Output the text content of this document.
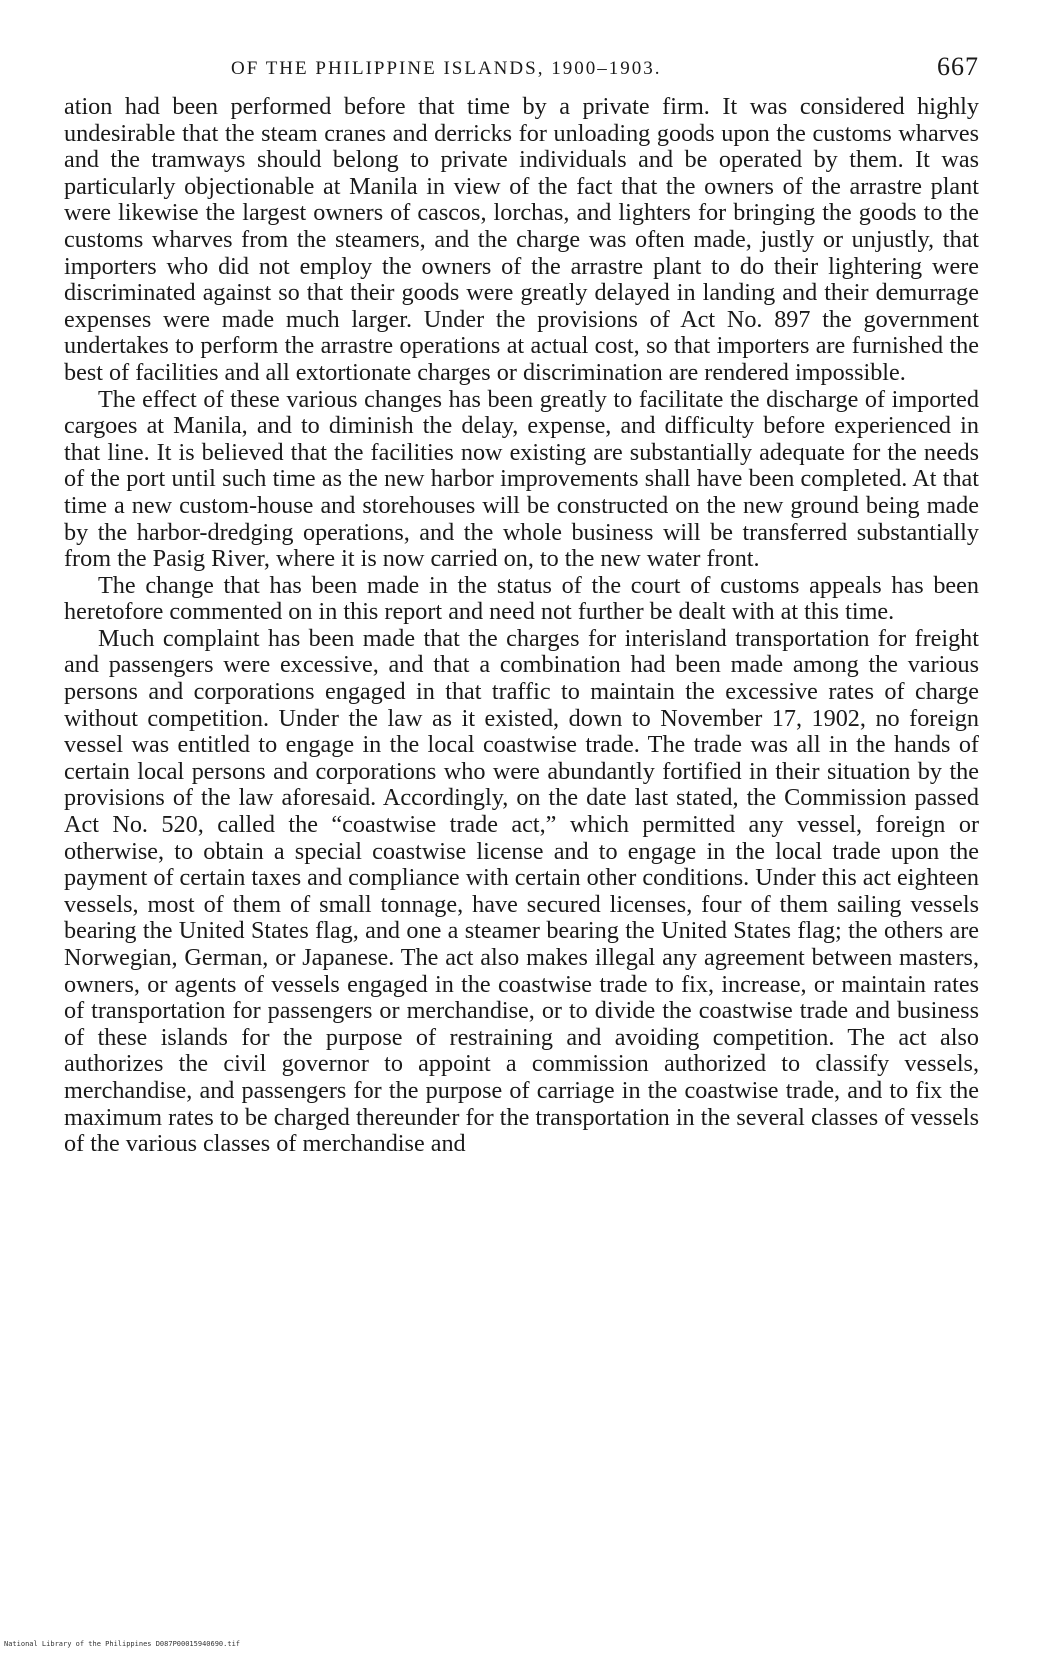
OF THE PHILIPPINE ISLANDS, 1900–1903.	667

ation had been performed before that time by a private firm. It was considered highly undesirable that the steam cranes and derricks for unloading goods upon the customs wharves and the tramways should belong to private individuals and be operated by them. It was particularly objectionable at Manila in view of the fact that the owners of the arrastre plant were likewise the largest owners of cascos, lorchas, and lighters for bringing the goods to the customs wharves from the steamers, and the charge was often made, justly or unjustly, that importers who did not employ the owners of the arrastre plant to do their lightering were discriminated against so that their goods were greatly delayed in landing and their demurrage expenses were made much larger. Under the provisions of Act No. 897 the government undertakes to perform the arrastre operations at actual cost, so that importers are furnished the best of facilities and all extortionate charges or discrimination are rendered impossible.

The effect of these various changes has been greatly to facilitate the discharge of imported cargoes at Manila, and to diminish the delay, expense, and difficulty before experienced in that line. It is believed that the facilities now existing are substantially adequate for the needs of the port until such time as the new harbor improvements shall have been completed. At that time a new custom-house and storehouses will be constructed on the new ground being made by the harbor-dredging operations, and the whole business will be transferred substantially from the Pasig River, where it is now carried on, to the new water front.

The change that has been made in the status of the court of customs appeals has been heretofore commented on in this report and need not further be dealt with at this time.

Much complaint has been made that the charges for interisland transportation for freight and passengers were excessive, and that a combination had been made among the various persons and corporations engaged in that traffic to maintain the excessive rates of charge without competition. Under the law as it existed, down to November 17, 1902, no foreign vessel was entitled to engage in the local coastwise trade. The trade was all in the hands of certain local persons and corporations who were abundantly fortified in their situation by the provisions of the law aforesaid. Accordingly, on the date last stated, the Commission passed Act No. 520, called the “coastwise trade act,” which permitted any vessel, foreign or otherwise, to obtain a special coastwise license and to engage in the local trade upon the payment of certain taxes and compliance with certain other conditions. Under this act eighteen vessels, most of them of small tonnage, have secured licenses, four of them sailing vessels bearing the United States flag, and one a steamer bearing the United States flag; the others are Norwegian, German, or Japanese. The act also makes illegal any agreement between masters, owners, or agents of vessels engaged in the coastwise trade to fix, increase, or maintain rates of transportation for passengers or merchandise, or to divide the coastwise trade and business of these islands for the purpose of restraining and avoiding competition. The act also authorizes the civil governor to appoint a commission authorized to classify vessels, merchandise, and passengers for the purpose of carriage in the coastwise trade, and to fix the maximum rates to be charged thereunder for the transportation in the several classes of vessels of the various classes of merchandise and

National Library of the Philippines D087P00015940690.tif
